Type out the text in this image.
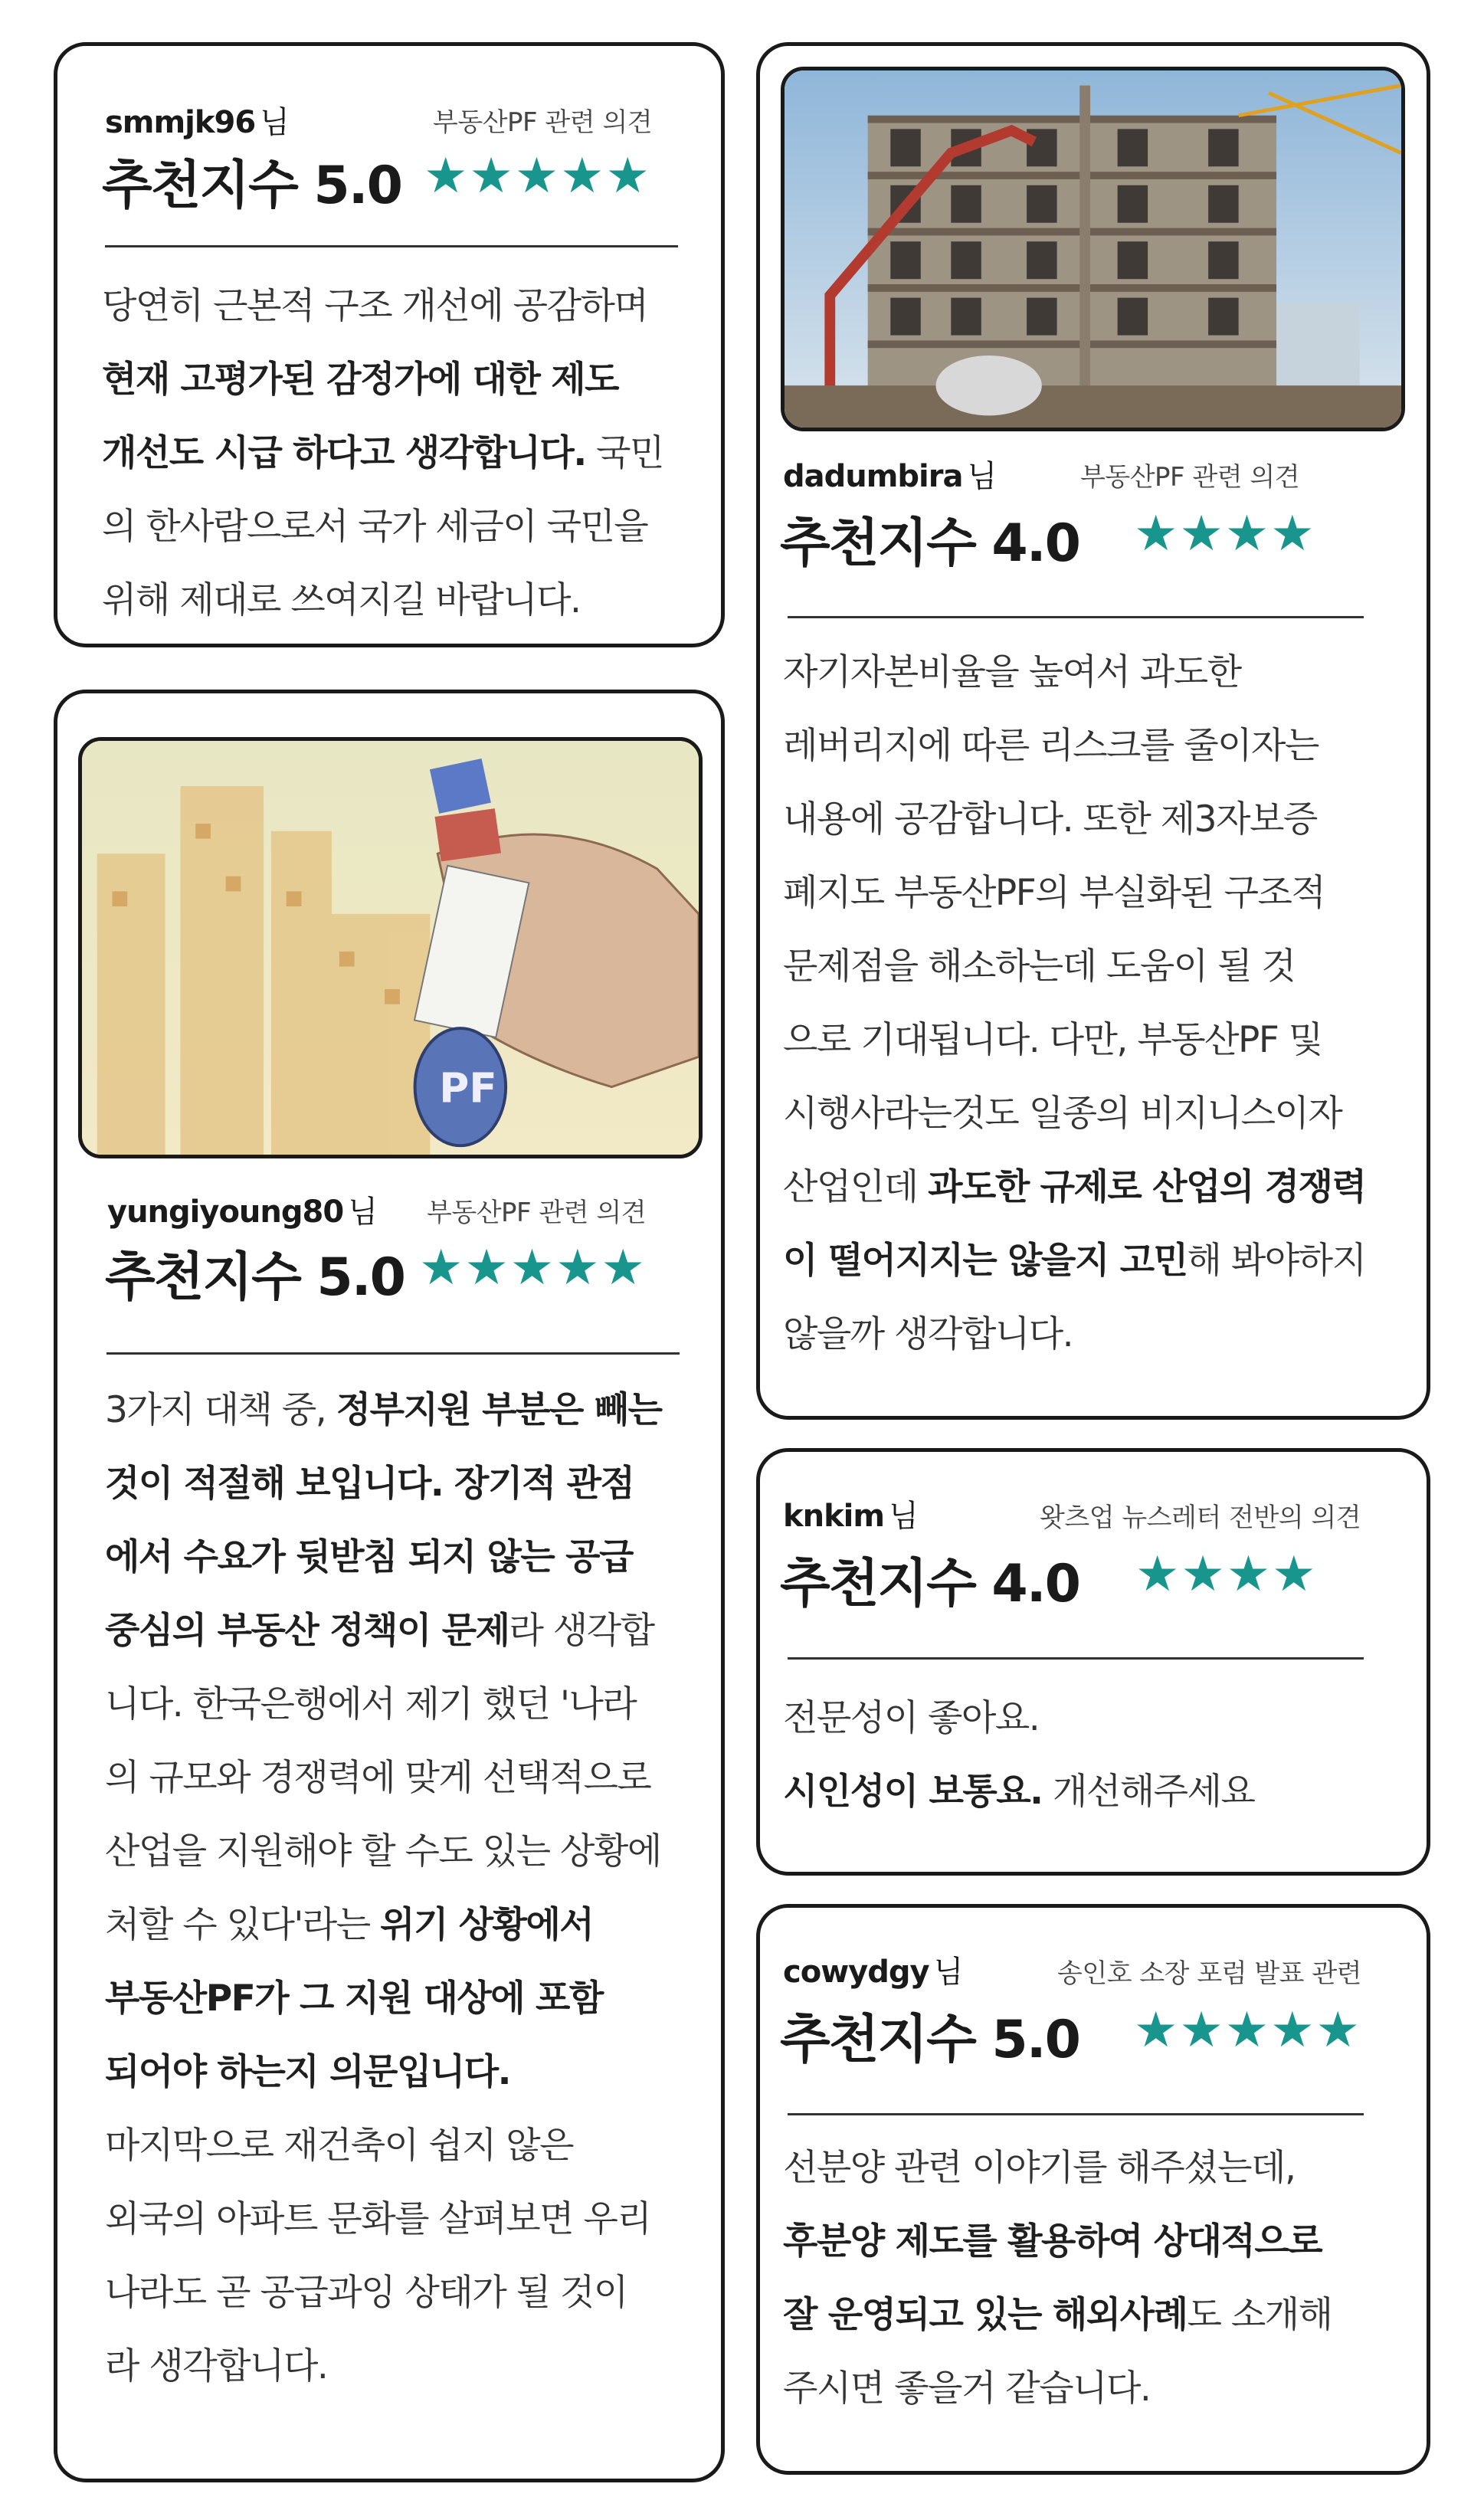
smmjk96 님	부동산PF 관련 의견
추천지수 5.0 ★★★★★

당연히 근본적 구조 개선에 공감하며

현재 고평가된 감정가에 대한 제도

개선도 시급 하다고 생각합니다. 국민

의 한사람으로서 국가 세금이 국민을

위해 제대로 쓰여지길 바랍니다.

dadumbira 님	부동산PF 관련 의견
추천지수 4.0 ★★★★

자기자본비율을 높여서 과도한

레버리지에 따른 리스크를 줄이자는

내용에 공감합니다. 또한 제3자보증

폐지도 부동산PF의 부실화된 구조적

문제점을 해소하는데 도움이 될 것

으로 기대됩니다. 다만, 부동산PF 및

시행사라는것도 일종의 비지니스이자

산업인데 과도한 규제로 산업의 경쟁력

이 떨어지지는 않을지 고민해 봐야하지

않을까 생각합니다.

PF
yungiyoung80 님 부동산PF 관련 의견
추천지수 5.0 ★★★★★

3가지 대책 중, 정부지원 부분은 빼는

것이 적절해 보입니다. 장기적 관점

에서 수요가 뒷받침 되지 않는 공급

중심의 부동산 정책이 문제라 생각합

니다. 한국은행에서 제기 했던 '나라

의 규모와 경쟁력에 맞게 선택적으로

산업을 지원해야 할 수도 있는 상황에

처할 수 있다'라는 위기 상황에서

부동산PF가 그 지원 대상에 포함

되어야 하는지 의문입니다.

마지막으로 재건축이 쉽지 않은

외국의 아파트 문화를 살펴보면 우리

나라도 곧 공급과잉 상태가 될 것이

라 생각합니다.

knkim 님	왓츠업 뉴스레터 전반의 의견
추천지수 4.0 ★★★★

전문성이 좋아요.

시인성이 보통요. 개선해주세요

cowydgy 님	송인호 소장 포럼 발표 관련
추천지수 5.0 ★★★★★

선분양 관련 이야기를 해주셨는데,

후분양 제도를 활용하여 상대적으로

잘 운영되고 있는 해외사례도 소개해

주시면 좋을거 같습니다.
